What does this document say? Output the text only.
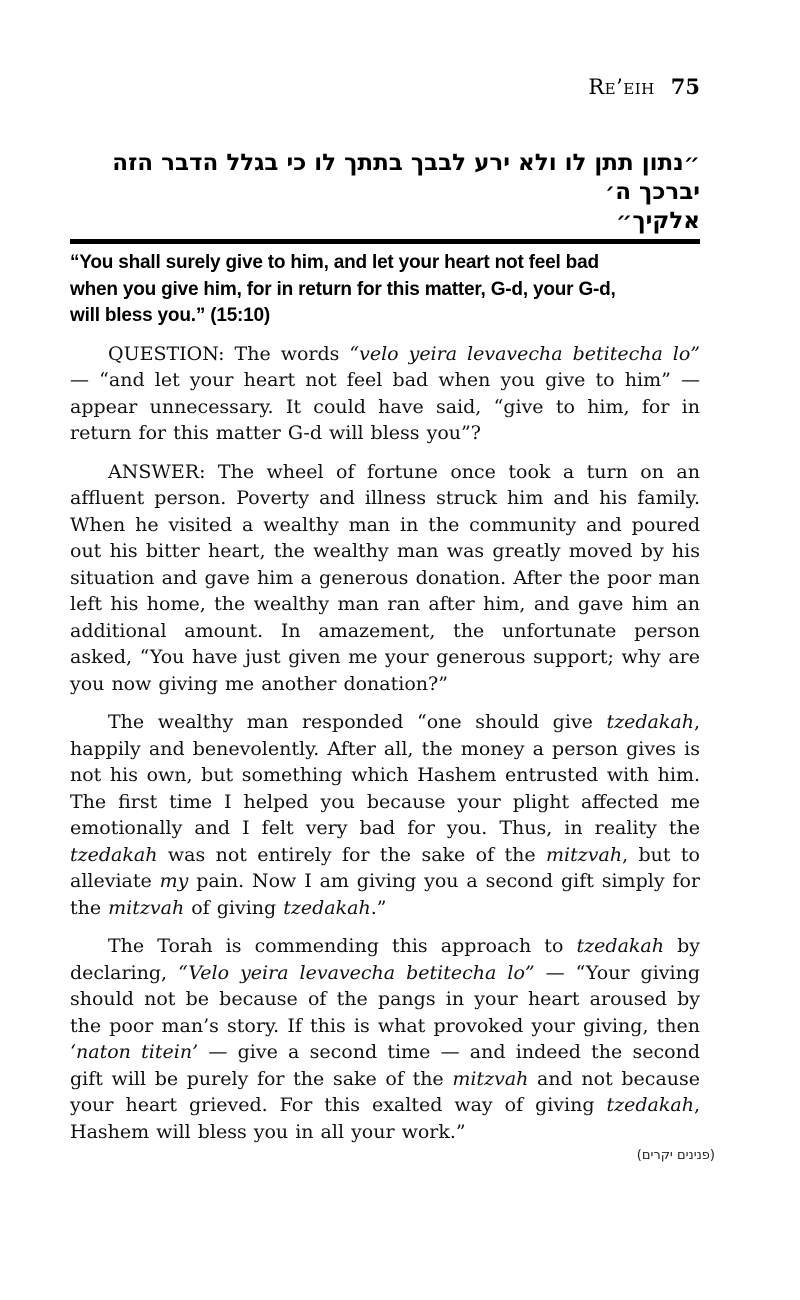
Re’eih 75
״נתון תתן לו ולא ירע לבבך בתתך לו כי בגלל הדבר הזה יברכך ה׳
אלקיך״
“You shall surely give to him, and let your heart not feel bad
when you give him, for in return for this matter, G-d, your G-d,
will bless you.” (15:10)

QUESTION: The words “velo yeira levavecha betitecha lo” — “and let your heart not feel bad when you give to him” — appear unnecessary. It could have said, “give to him, for in return for this matter G-d will bless you”?

ANSWER: The wheel of fortune once took a turn on an affluent person. Poverty and illness struck him and his family. When he visited a wealthy man in the community and poured out his bitter heart, the wealthy man was greatly moved by his situation and gave him a generous donation. After the poor man left his home, the wealthy man ran after him, and gave him an additional amount. In amazement, the unfortunate person asked, “You have just given me your generous support; why are you now giving me another donation?”

The wealthy man responded “one should give tzedakah, happily and benevolently. After all, the money a person gives is not his own, but something which Hashem entrusted with him. The first time I helped you because your plight affected me emotionally and I felt very bad for you. Thus, in reality the tzedakah was not entirely for the sake of the mitzvah, but to alleviate my pain. Now I am giving you a second gift simply for the mitzvah of giving tzedakah.”

The Torah is commending this approach to tzedakah by declaring, “Velo yeira levavecha betitecha lo” — “Your giving should not be because of the pangs in your heart aroused by the poor man’s story. If this is what provoked your giving, then ‘naton titein’ — give a second time — and indeed the second gift will be purely for the sake of the mitzvah and not because your heart grieved. For this exalted way of giving tzedakah, Hashem will bless you in all your work.”

(פנינים יקרים)
